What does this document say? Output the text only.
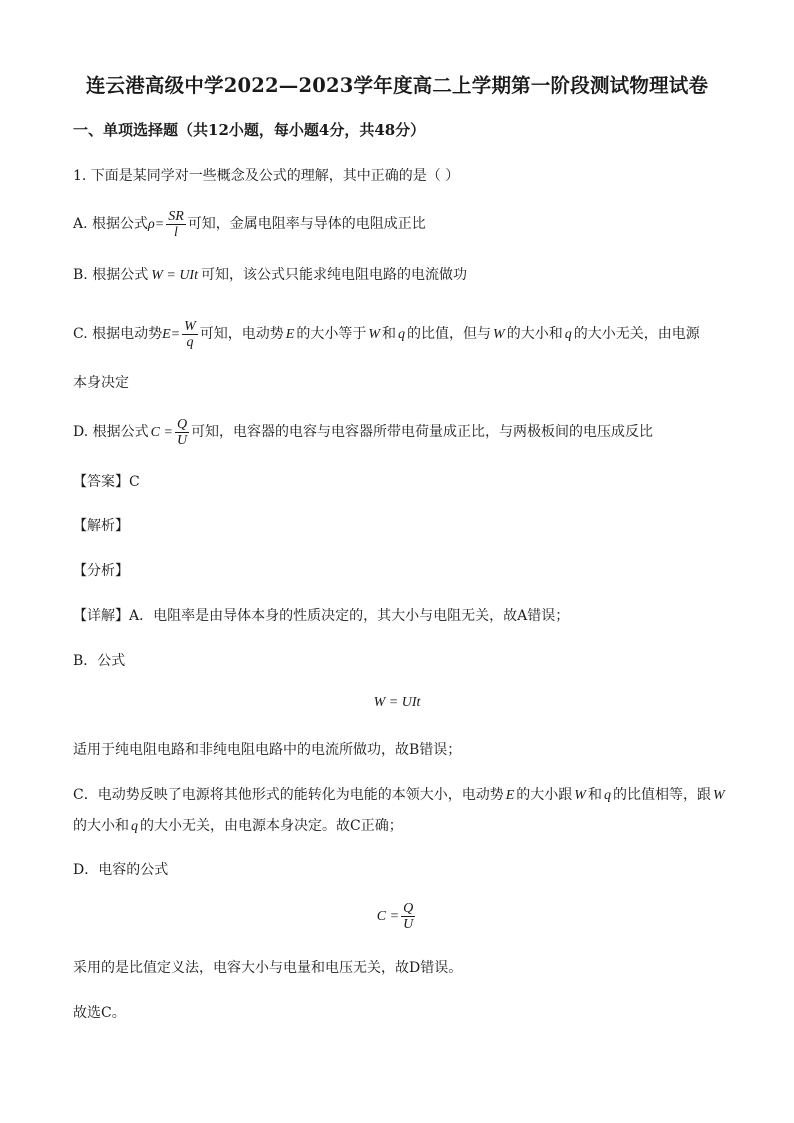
连云港高级中学2022—2023学年度高二上学期第一阶段测试物理试卷
一、单项选择题（共12小题，每小题4分，共48分）
1. 下面是某同学对一些概念及公式的理解，其中正确的是（ ）
A. 根据公式$\rho= \frac{SR}{l}$ 可知，金属电阻率与导体的电阻成正比
B. 根据公式 W = UIt 可知，该公式只能求纯电阻电路的电流做功
C. 根据电动势$E= \frac{W}{q}$ 可知，电动势 E 的大小等于 W 和 q 的比值，但与 W 的大小和 q 的大小无关，由电源
本身决定
D. 根据公式 $C = \frac{Q}{U}$ 可知，电容器的电容与电容器所带电荷量成正比，与两极板间的电压成反比
【答案】C
【解析】
【分析】
【详解】A．电阻率是由导体本身的性质决定的，其大小与电阻无关，故A错误；
B．公式
W = UIt
适用于纯电阻电路和非纯电阻电路中的电流所做功，故B错误；
C．电动势反映了电源将其他形式的能转化为电能的本领大小，电动势 E 的大小跟 W 和 q 的比值相等，跟 W
的大小和 q 的大小无关，由电源本身决定。故C正确；
D．电容的公式
$C = \frac{Q}{U}$
采用的是比值定义法，电容大小与电量和电压无关，故D错误。
故选C。
